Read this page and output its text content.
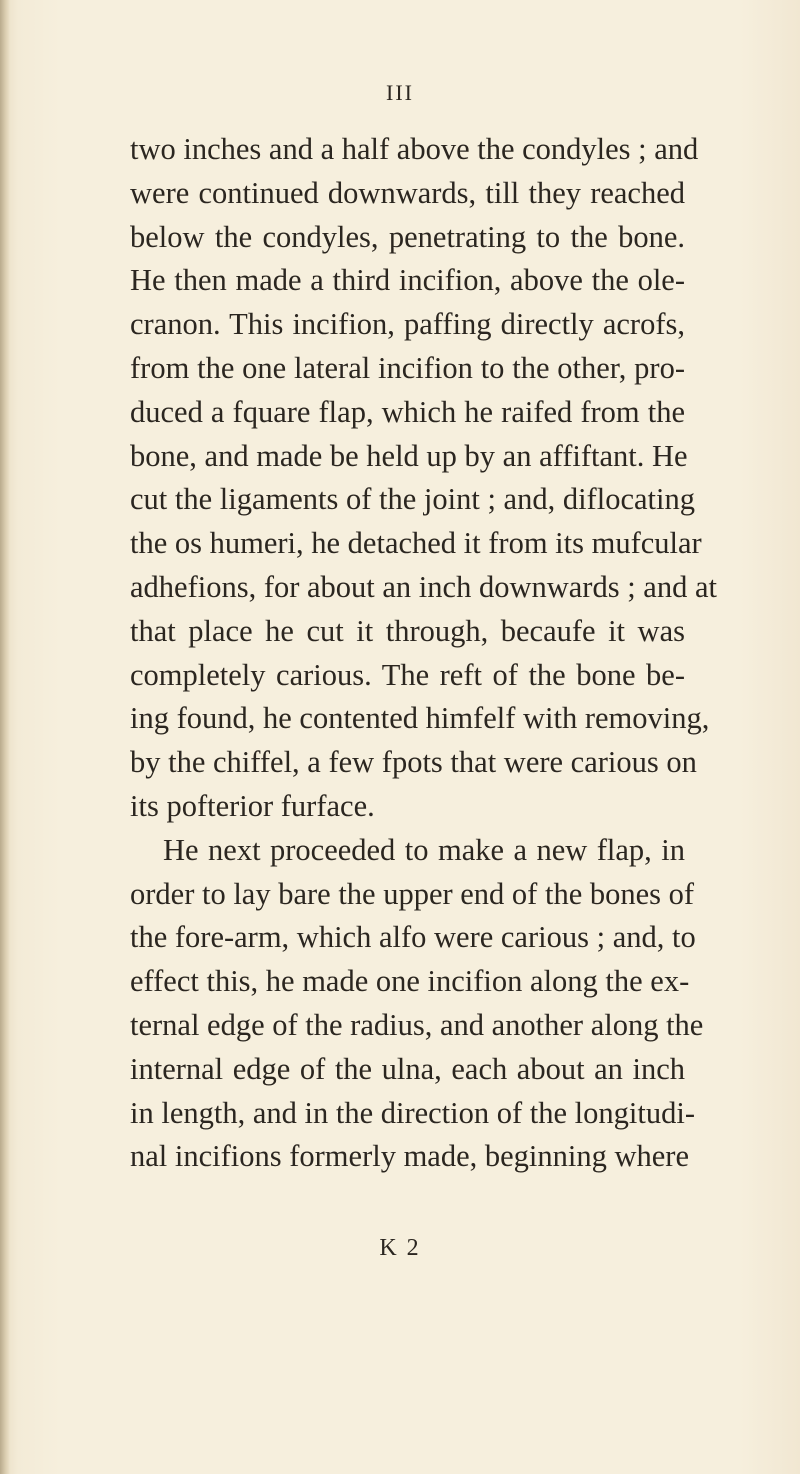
III
two inches and a half above the condyles ; and
were continued downwards, till they reached
below the condyles, penetrating to the bone.
He then made a third incifion, above the ole-
cranon. This incifion, paffing directly acrofs,
from the one lateral incifion to the other, pro-
duced a fquare flap, which he raifed from the
bone, and made be held up by an affiftant. He
cut the ligaments of the joint ; and, diflocating
the os humeri, he detached it from its mufcular
adhefions, for about an inch downwards ; and at
that place he cut it through, becaufe it was
completely carious. The reft of the bone be-
ing found, he contented himfelf with removing,
by the chiffel, a few fpots that were carious on
its pofterior furface.
He next proceeded to make a new flap, in
order to lay bare the upper end of the bones of
the fore-arm, which alfo were carious ; and, to
effect this, he made one incifion along the ex-
ternal edge of the radius, and another along the
internal edge of the ulna, each about an inch
in length, and in the direction of the longitudi-
nal incifions formerly made, beginning where
K 2
